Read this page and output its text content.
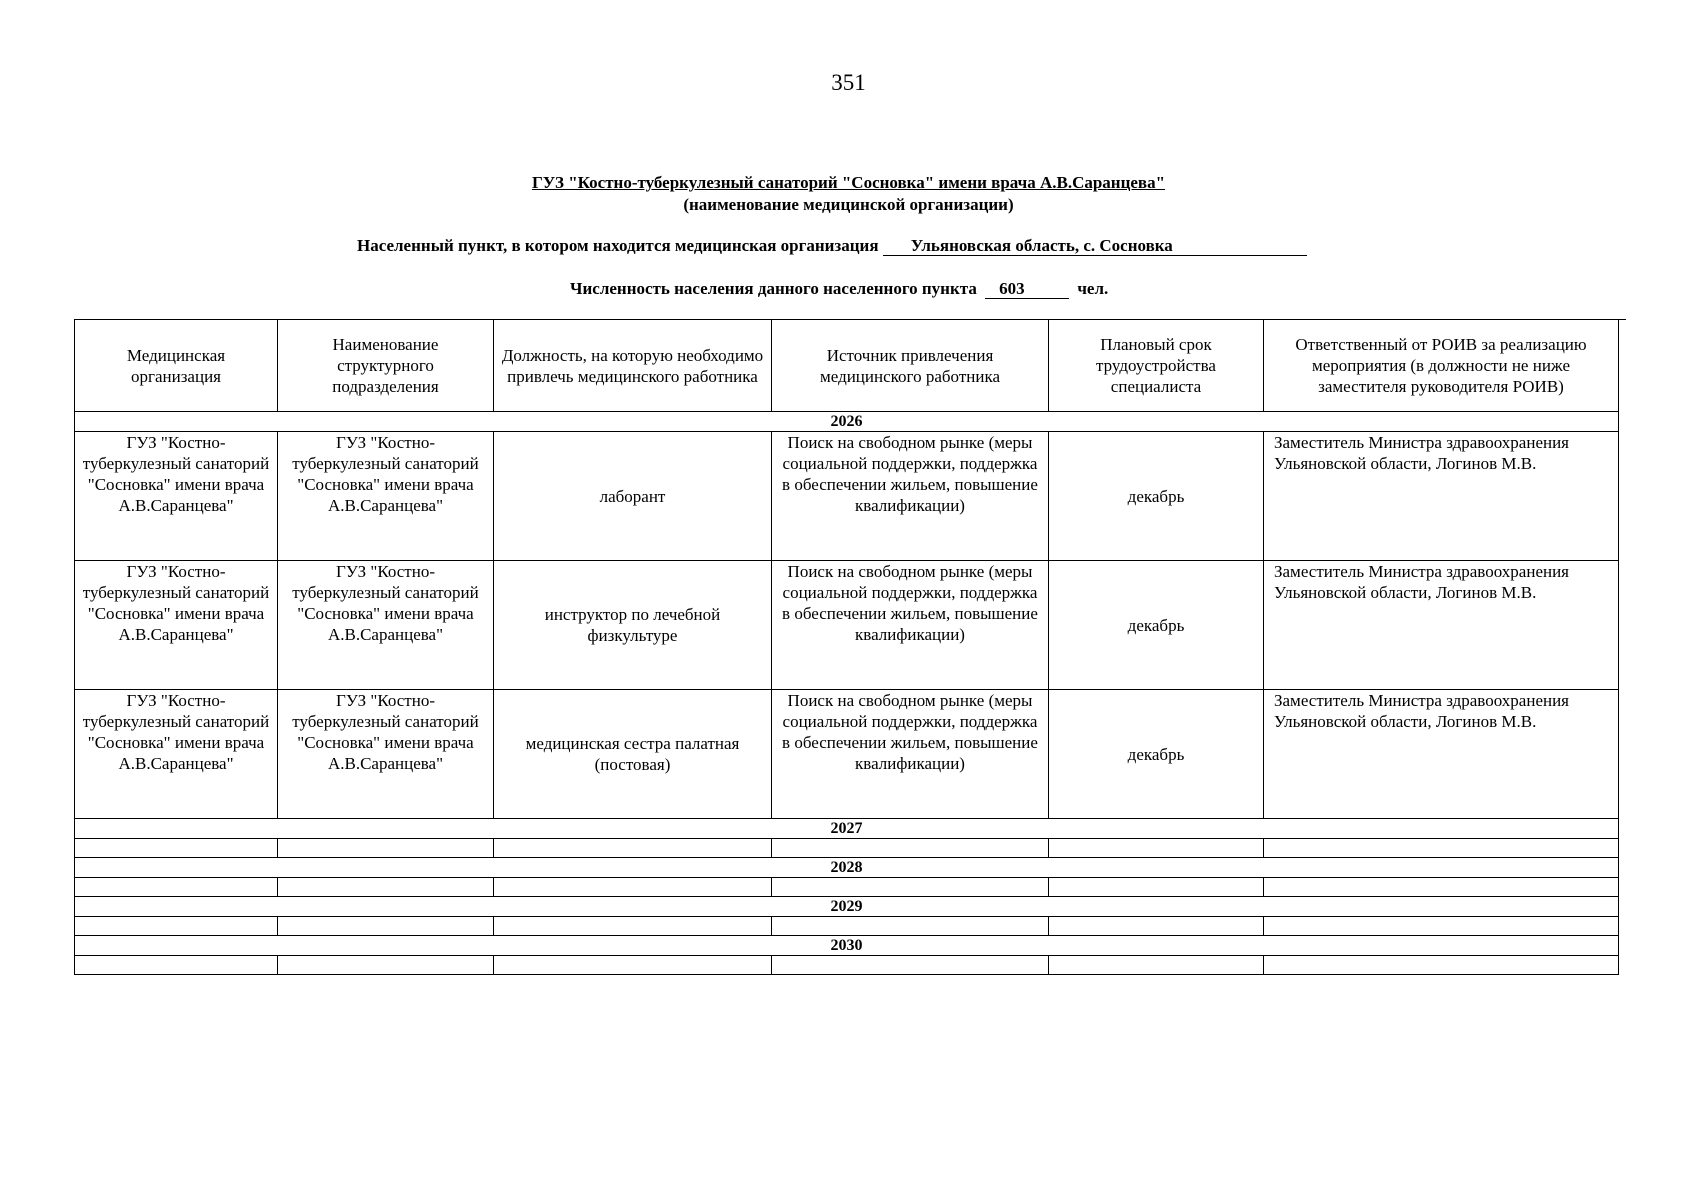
351
ГУЗ "Костно-туберкулезный санаторий "Сосновка" имени врача А.В.Саранцева"
(наименование медицинской организации)
Населенный пункт, в котором находится медицинская организация Ульяновская область, с. Сосновка
Численность населения данного населенного пункта 603	чел.
Медицинская организация	Наименование структурного подразделения	Должность, на которую необходимо привлечь медицинского работника	Источник привлечения медицинского работника	Плановый срок трудоустройства специалиста	Ответственный от РОИВ за реализацию мероприятия (в должности не ниже заместителя руководителя РОИВ)
2026					
ГУЗ "Костно-туберкулезный санаторий "Сосновка" имени врача А.В.Саранцева"	ГУЗ "Костно-туберкулезный санаторий "Сосновка" имени врача А.В.Саранцева"	лаборант	Поиск на свободном рынке (меры социальной поддержки, поддержка в обеспечении жильем, повышение квалификации)	декабрь	Заместитель Министра здравоохранения Ульяновской области, Логинов М.В.
ГУЗ "Костно-туберкулезный санаторий "Сосновка" имени врача А.В.Саранцева"	ГУЗ "Костно-туберкулезный санаторий "Сосновка" имени врача А.В.Саранцева"	инструктор по лечебной физкультуре	Поиск на свободном рынке (меры социальной поддержки, поддержка в обеспечении жильем, повышение квалификации)	декабрь	Заместитель Министра здравоохранения Ульяновской области, Логинов М.В.
ГУЗ "Костно-туберкулезный санаторий "Сосновка" имени врача А.В.Саранцева"	ГУЗ "Костно-туберкулезный санаторий "Сосновка" имени врача А.В.Саранцева"	медицинская сестра палатная (постовая)	Поиск на свободном рынке (меры социальной поддержки, поддержка в обеспечении жильем, повышение квалификации)	декабрь	Заместитель Министра здравоохранения Ульяновской области, Логинов М.В.
2027					

2028					

2029					

2030					
